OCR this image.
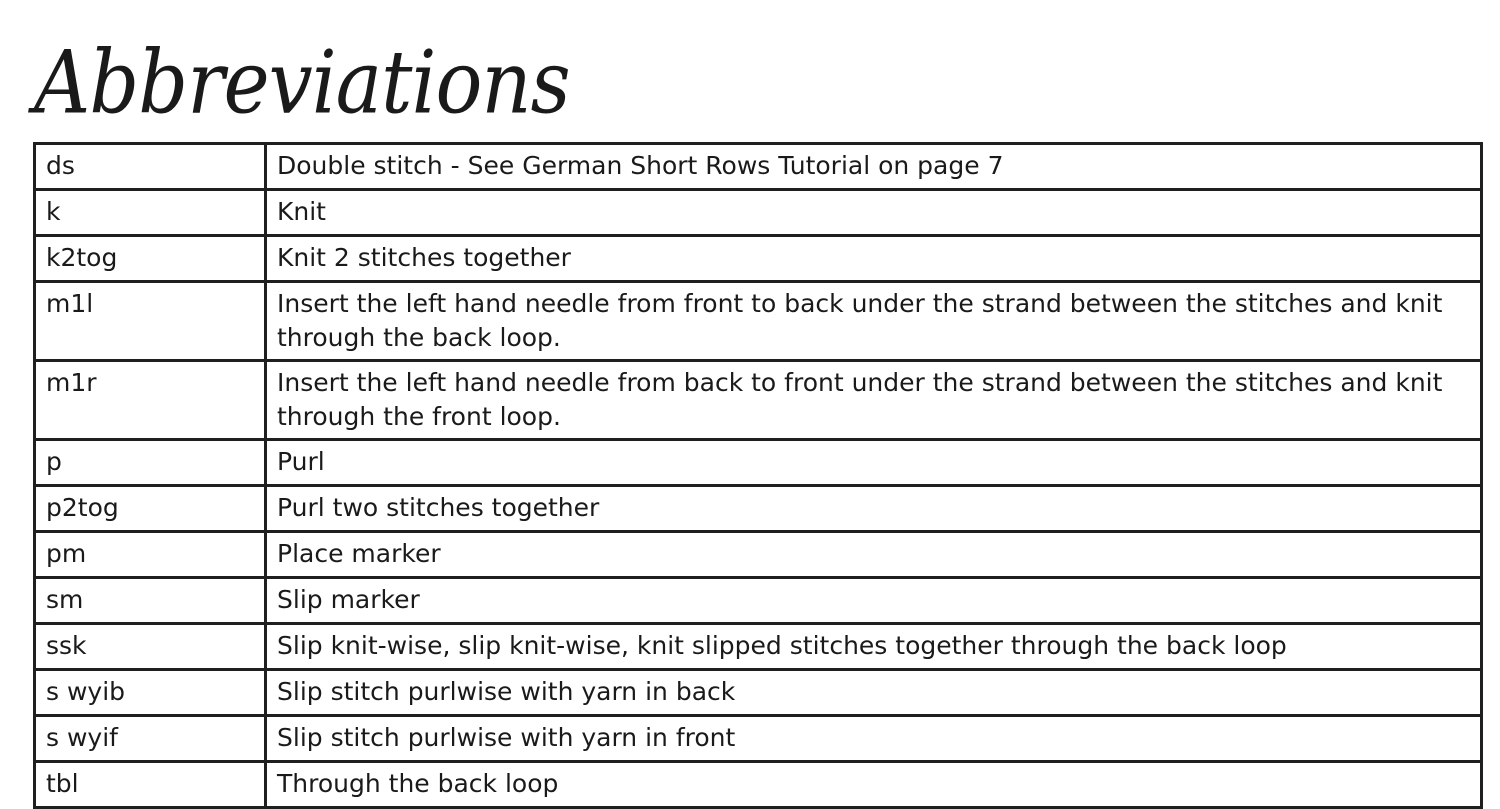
Abbreviations
ds	Double stitch - See German Short Rows Tutorial on page 7
k	Knit
k2tog	Knit 2 stitches together
m1l	Insert the left hand needle from front to back under the strand between the stitches and knit through the back loop.
m1r	Insert the left hand needle from back to front under the strand between the stitches and knit through the front loop.
p	Purl
p2tog	Purl two stitches together
pm	Place marker
sm	Slip marker
ssk	Slip knit-wise, slip knit-wise, knit slipped stitches together through the back loop
s wyib	Slip stitch purlwise with yarn in back
s wyif	Slip stitch purlwise with yarn in front
tbl	Through the back loop
